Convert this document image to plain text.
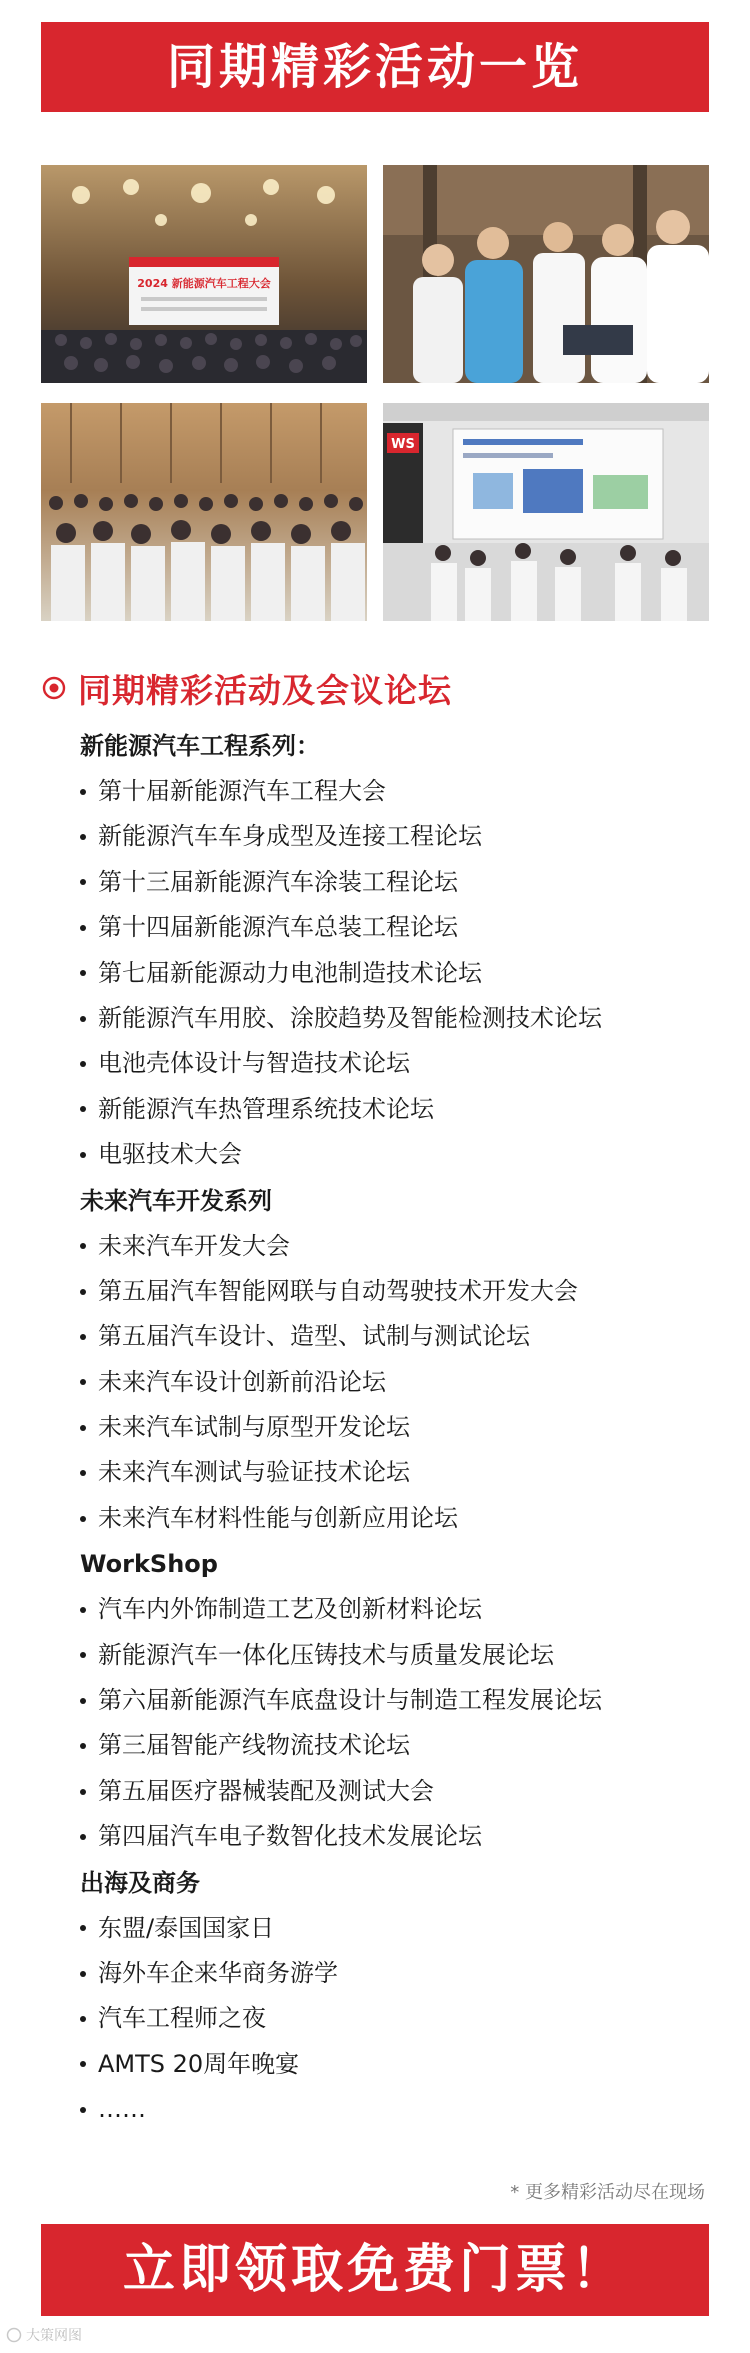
同期精彩活动一览
2024 新能源汽车工程大会
WS
同期精彩活动及会议论坛
新能源汽车工程系列：
第十届新能源汽车工程大会
新能源汽车车身成型及连接工程论坛
第十三届新能源汽车涂装工程论坛
第十四届新能源汽车总装工程论坛
第七届新能源动力电池制造技术论坛
新能源汽车用胶、涂胶趋势及智能检测技术论坛
电池壳体设计与智造技术论坛
新能源汽车热管理系统技术论坛
电驱技术大会
未来汽车开发系列
未来汽车开发大会
第五届汽车智能网联与自动驾驶技术开发大会
第五届汽车设计、造型、试制与测试论坛
未来汽车设计创新前沿论坛
未来汽车试制与原型开发论坛
未来汽车测试与验证技术论坛
未来汽车材料性能与创新应用论坛
WorkShop
汽车内外饰制造工艺及创新材料论坛
新能源汽车一体化压铸技术与质量发展论坛
第六届新能源汽车底盘设计与制造工程发展论坛
第三届智能产线物流技术论坛
第五届医疗器械装配及测试大会
第四届汽车电子数智化技术发展论坛
出海及商务
东盟/泰国国家日
海外车企来华商务游学
汽车工程师之夜
AMTS 20周年晚宴
……
* 更多精彩活动尽在现场
立即领取免费门票！
大策网图
